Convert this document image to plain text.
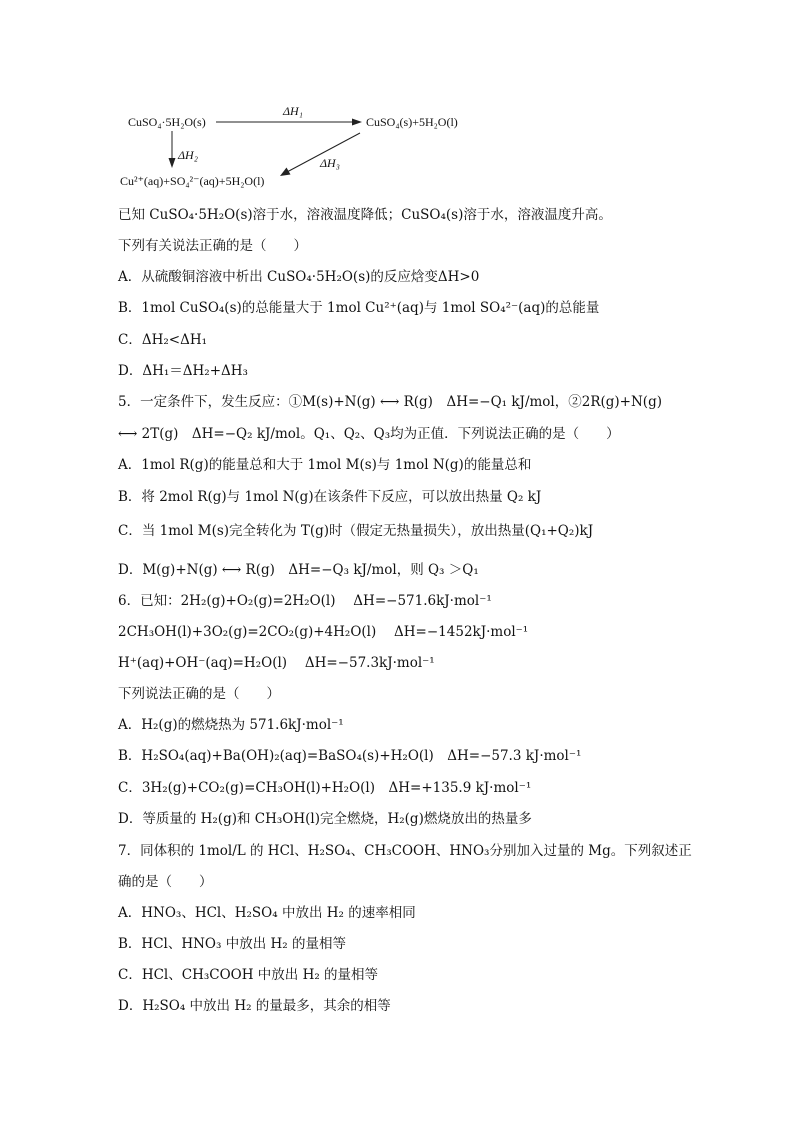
CuSO₄·5H₂O(s)	CuSO₄(s)+5H₂O(l)
Cu²⁺(aq)+SO₄²⁻(aq)+5H₂O(l)
ΔH₁
ΔH₂
ΔH₃
已知 CuSO₄·5H₂O(s)溶于水，溶液温度降低；CuSO₄(s)溶于水，溶液温度升高。
下列有关说法正确的是（　　）
A．从硫酸铜溶液中析出 CuSO₄·5H₂O(s)的反应焓变ΔH>0
B．1mol CuSO₄(s)的总能量大于 1mol Cu²⁺(aq)与 1mol SO₄²⁻(aq)的总能量
C．ΔH₂<ΔH₁
D．ΔH₁＝ΔH₂+ΔH₃
5．一定条件下，发生反应：①M(s)+N(g) ⟷ R(g)　ΔH=−Q₁ kJ/mol，②2R(g)+N(g)
⟷ 2T(g)　ΔH=−Q₂ kJ/mol。Q₁、Q₂、Q₃均为正值．下列说法正确的是（　　）
A．1mol R(g)的能量总和大于 1mol M(s)与 1mol N(g)的能量总和
B．将 2mol R(g)与 1mol N(g)在该条件下反应，可以放出热量 Q₂ kJ
C．当 1mol M(s)完全转化为 T(g)时（假定无热量损失），放出热量(Q₁+Q₂)kJ
D．M(g)+N(g) ⟷ R(g)　ΔH=−Q₃ kJ/mol，则 Q₃ ＞Q₁
6．已知：2H₂(g)+O₂(g)=2H₂O(l)　 ΔH=−571.6kJ·mol⁻¹
2CH₃OH(l)+3O₂(g)=2CO₂(g)+4H₂O(l)　 ΔH=−1452kJ·mol⁻¹
H⁺(aq)+OH⁻(aq)=H₂O(l)　 ΔH=−57.3kJ·mol⁻¹
下列说法正确的是（　　）
A．H₂(g)的燃烧热为 571.6kJ·mol⁻¹
B．H₂SO₄(aq)+Ba(OH)₂(aq)=BaSO₄(s)+H₂O(l)　ΔH=−57.3 kJ·mol⁻¹
C．3H₂(g)+CO₂(g)=CH₃OH(l)+H₂O(l)　ΔH=+135.9 kJ·mol⁻¹
D．等质量的 H₂(g)和 CH₃OH(l)完全燃烧，H₂(g)燃烧放出的热量多
7．同体积的 1mol/L 的 HCl、H₂SO₄、CH₃COOH、HNO₃分别加入过量的 Mg。下列叙述正
确的是（　　）
A．HNO₃、HCl、H₂SO₄ 中放出 H₂ 的速率相同
B．HCl、HNO₃ 中放出 H₂ 的量相等
C．HCl、CH₃COOH 中放出 H₂ 的量相等
D．H₂SO₄ 中放出 H₂ 的量最多，其余的相等
